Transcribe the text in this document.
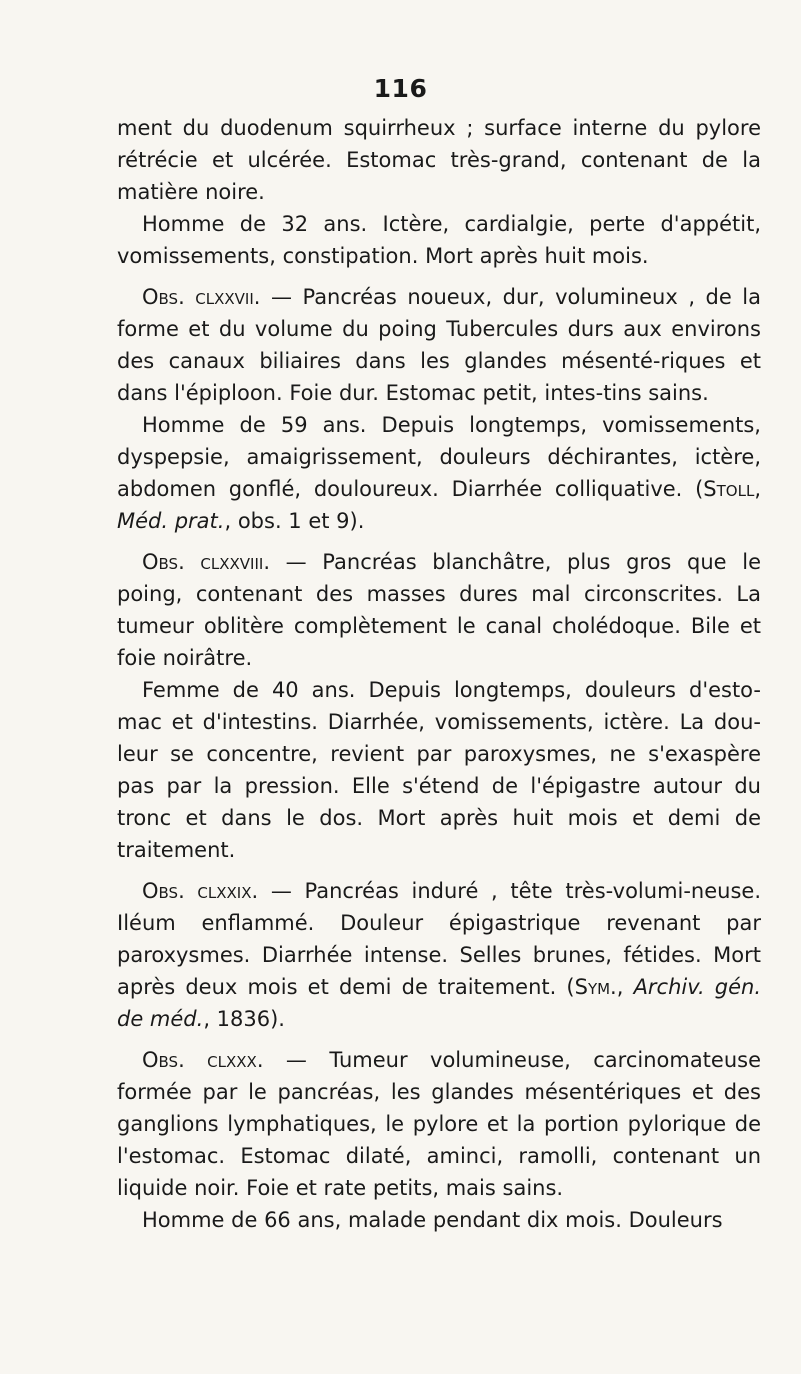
116

ment du duodenum squirrheux ; surface interne du pylore rétrécie et ulcérée. Estomac très-grand, contenant de la matière noire.

Homme de 32 ans. Ictère, cardialgie, perte d'appétit, vomissements, constipation. Mort après huit mois.

Obs. clxxvii. — Pancréas noueux, dur, volumineux , de la forme et du volume du poing Tubercules durs aux environs des canaux biliaires dans les glandes mésenté-riques et dans l'épiploon. Foie dur. Estomac petit, intes-tins sains.

Homme de 59 ans. Depuis longtemps, vomissements, dyspepsie, amaigrissement, douleurs déchirantes, ictère, abdomen gonflé, douloureux. Diarrhée colliquative. (Stoll, Méd. prat., obs. 1 et 9).

Obs. clxxviii. — Pancréas blanchâtre, plus gros que le poing, contenant des masses dures mal circonscrites. La tumeur oblitère complètement le canal cholédoque. Bile et foie noirâtre.

Femme de 40 ans. Depuis longtemps, douleurs d'esto-mac et d'intestins. Diarrhée, vomissements, ictère. La dou-leur se concentre, revient par paroxysmes, ne s'exaspère pas par la pression. Elle s'étend de l'épigastre autour du tronc et dans le dos. Mort après huit mois et demi de traitement.

Obs. clxxix. — Pancréas induré , tête très-volumi-neuse. Iléum enflammé. Douleur épigastrique revenant par paroxysmes. Diarrhée intense. Selles brunes, fétides. Mort après deux mois et demi de traitement. (Sym., Archiv. gén. de méd., 1836).

Obs. clxxx. — Tumeur volumineuse, carcinomateuse formée par le pancréas, les glandes mésentériques et des ganglions lymphatiques, le pylore et la portion pylorique de l'estomac. Estomac dilaté, aminci, ramolli, contenant un liquide noir. Foie et rate petits, mais sains.

Homme de 66 ans, malade pendant dix mois. Douleurs
